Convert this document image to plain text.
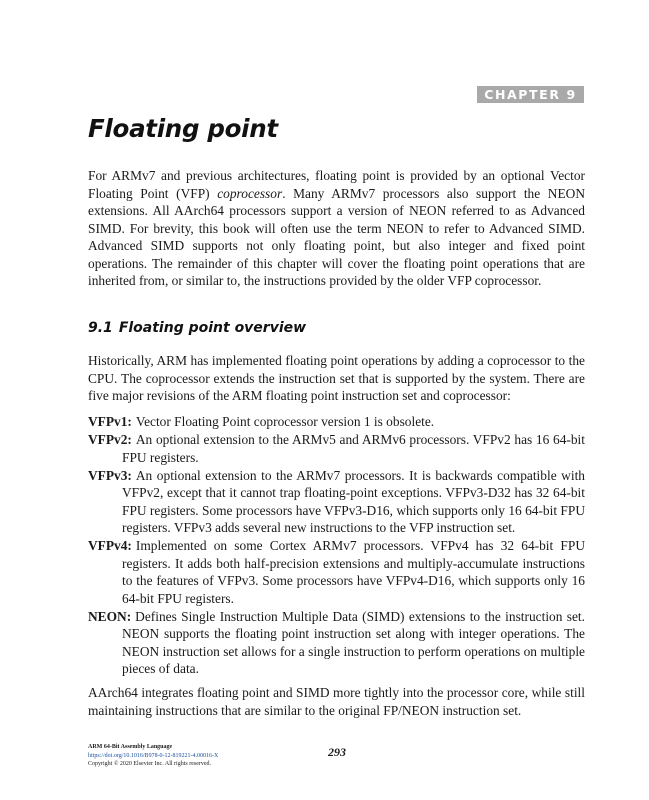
CHAPTER 9
Floating point

For ARMv7 and previous architectures, floating point is provided by an optional Vector Floating Point (VFP) coprocessor. Many ARMv7 processors also support the NEON extensions. All AArch64 processors support a version of NEON referred to as Advanced SIMD. For brevity, this book will often use the term NEON to refer to Advanced SIMD. Advanced SIMD supports not only floating point, but also integer and fixed point operations. The remainder of this chapter will cover the floating point operations that are inherited from, or similar to, the instructions provided by the older VFP coprocessor.

9.1 Floating point overview

Historically, ARM has implemented floating point operations by adding a coprocessor to the CPU. The coprocessor extends the instruction set that is supported by the system. There are five major revisions of the ARM floating point instruction set and coprocessor:

VFPv1: Vector Floating Point coprocessor version 1 is obsolete.
VFPv2: An optional extension to the ARMv5 and ARMv6 processors. VFPv2 has 16 64-bit FPU registers.
VFPv3: An optional extension to the ARMv7 processors. It is backwards compatible with VFPv2, except that it cannot trap floating-point exceptions. VFPv3-D32 has 32 64-bit FPU registers. Some processors have VFPv3-D16, which supports only 16 64-bit FPU registers. VFPv3 adds several new instructions to the VFP instruction set.
VFPv4: Implemented on some Cortex ARMv7 processors. VFPv4 has 32 64-bit FPU registers. It adds both half-precision extensions and multiply-accumulate instructions to the features of VFPv3. Some processors have VFPv4-D16, which supports only 16 64-bit FPU registers.
NEON: Defines Single Instruction Multiple Data (SIMD) extensions to the instruction set. NEON supports the floating point instruction set along with integer operations. The NEON instruction set allows for a single instruction to perform operations on multiple pieces of data.

AArch64 integrates floating point and SIMD more tightly into the processor core, while still maintaining instructions that are similar to the original FP/NEON instruction set.

ARM 64-Bit Assembly Language
https://doi.org/10.1016/B978-0-12-819221-4.00016-X
Copyright © 2020 Elsevier Inc. All rights reserved.
293
